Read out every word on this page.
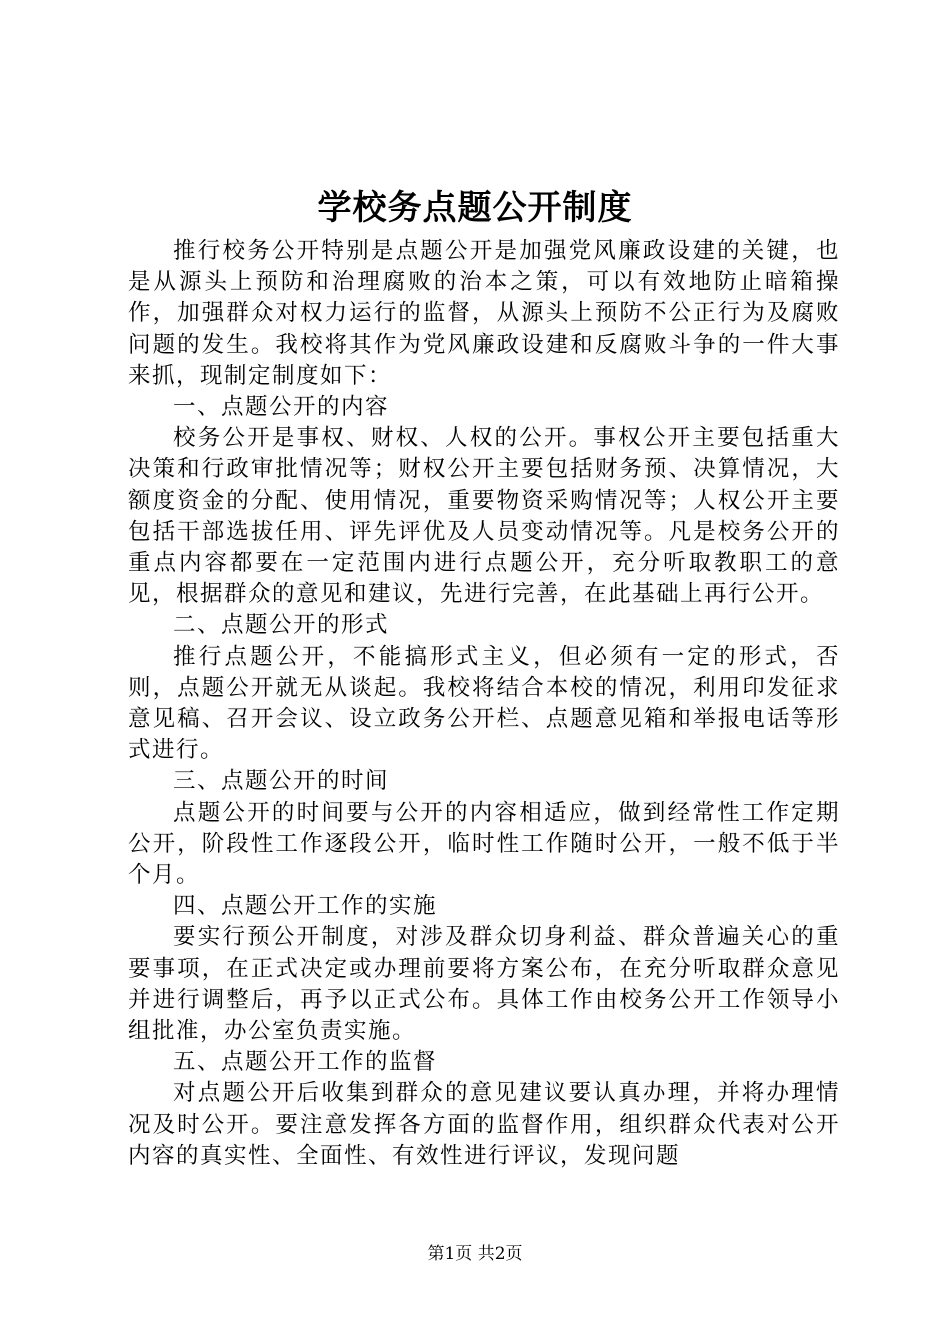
学校务点题公开制度

推行校务公开特别是点题公开是加强党风廉政设建的关键，也是从源头上预防和治理腐败的治本之策，可以有效地防止暗箱操作，加强群众对权力运行的监督，从源头上预防不公正行为及腐败问题的发生。我校将其作为党风廉政设建和反腐败斗争的一件大事来抓，现制定制度如下：

一、点题公开的内容

校务公开是事权、财权、人权的公开。事权公开主要包括重大决策和行政审批情况等；财权公开主要包括财务预、决算情况，大额度资金的分配、使用情况，重要物资采购情况等；人权公开主要包括干部选拔任用、评先评优及人员变动情况等。凡是校务公开的重点内容都要在一定范围内进行点题公开，充分听取教职工的意见，根据群众的意见和建议，先进行完善，在此基础上再行公开。

二、点题公开的形式

推行点题公开，不能搞形式主义，但必须有一定的形式，否则，点题公开就无从谈起。我校将结合本校的情况，利用印发征求意见稿、召开会议、设立政务公开栏、点题意见箱和举报电话等形式进行。

三、点题公开的时间

点题公开的时间要与公开的内容相适应，做到经常性工作定期公开，阶段性工作逐段公开，临时性工作随时公开，一般不低于半个月。

四、点题公开工作的实施

要实行预公开制度，对涉及群众切身利益、群众普遍关心的重要事项，在正式决定或办理前要将方案公布，在充分听取群众意见并进行调整后，再予以正式公布。具体工作由校务公开工作领导小组批准，办公室负责实施。

五、点题公开工作的监督

对点题公开后收集到群众的意见建议要认真办理，并将办理情况及时公开。要注意发挥各方面的监督作用，组织群众代表对公开内容的真实性、全面性、有效性进行评议，发现问题

第1页 共2页
